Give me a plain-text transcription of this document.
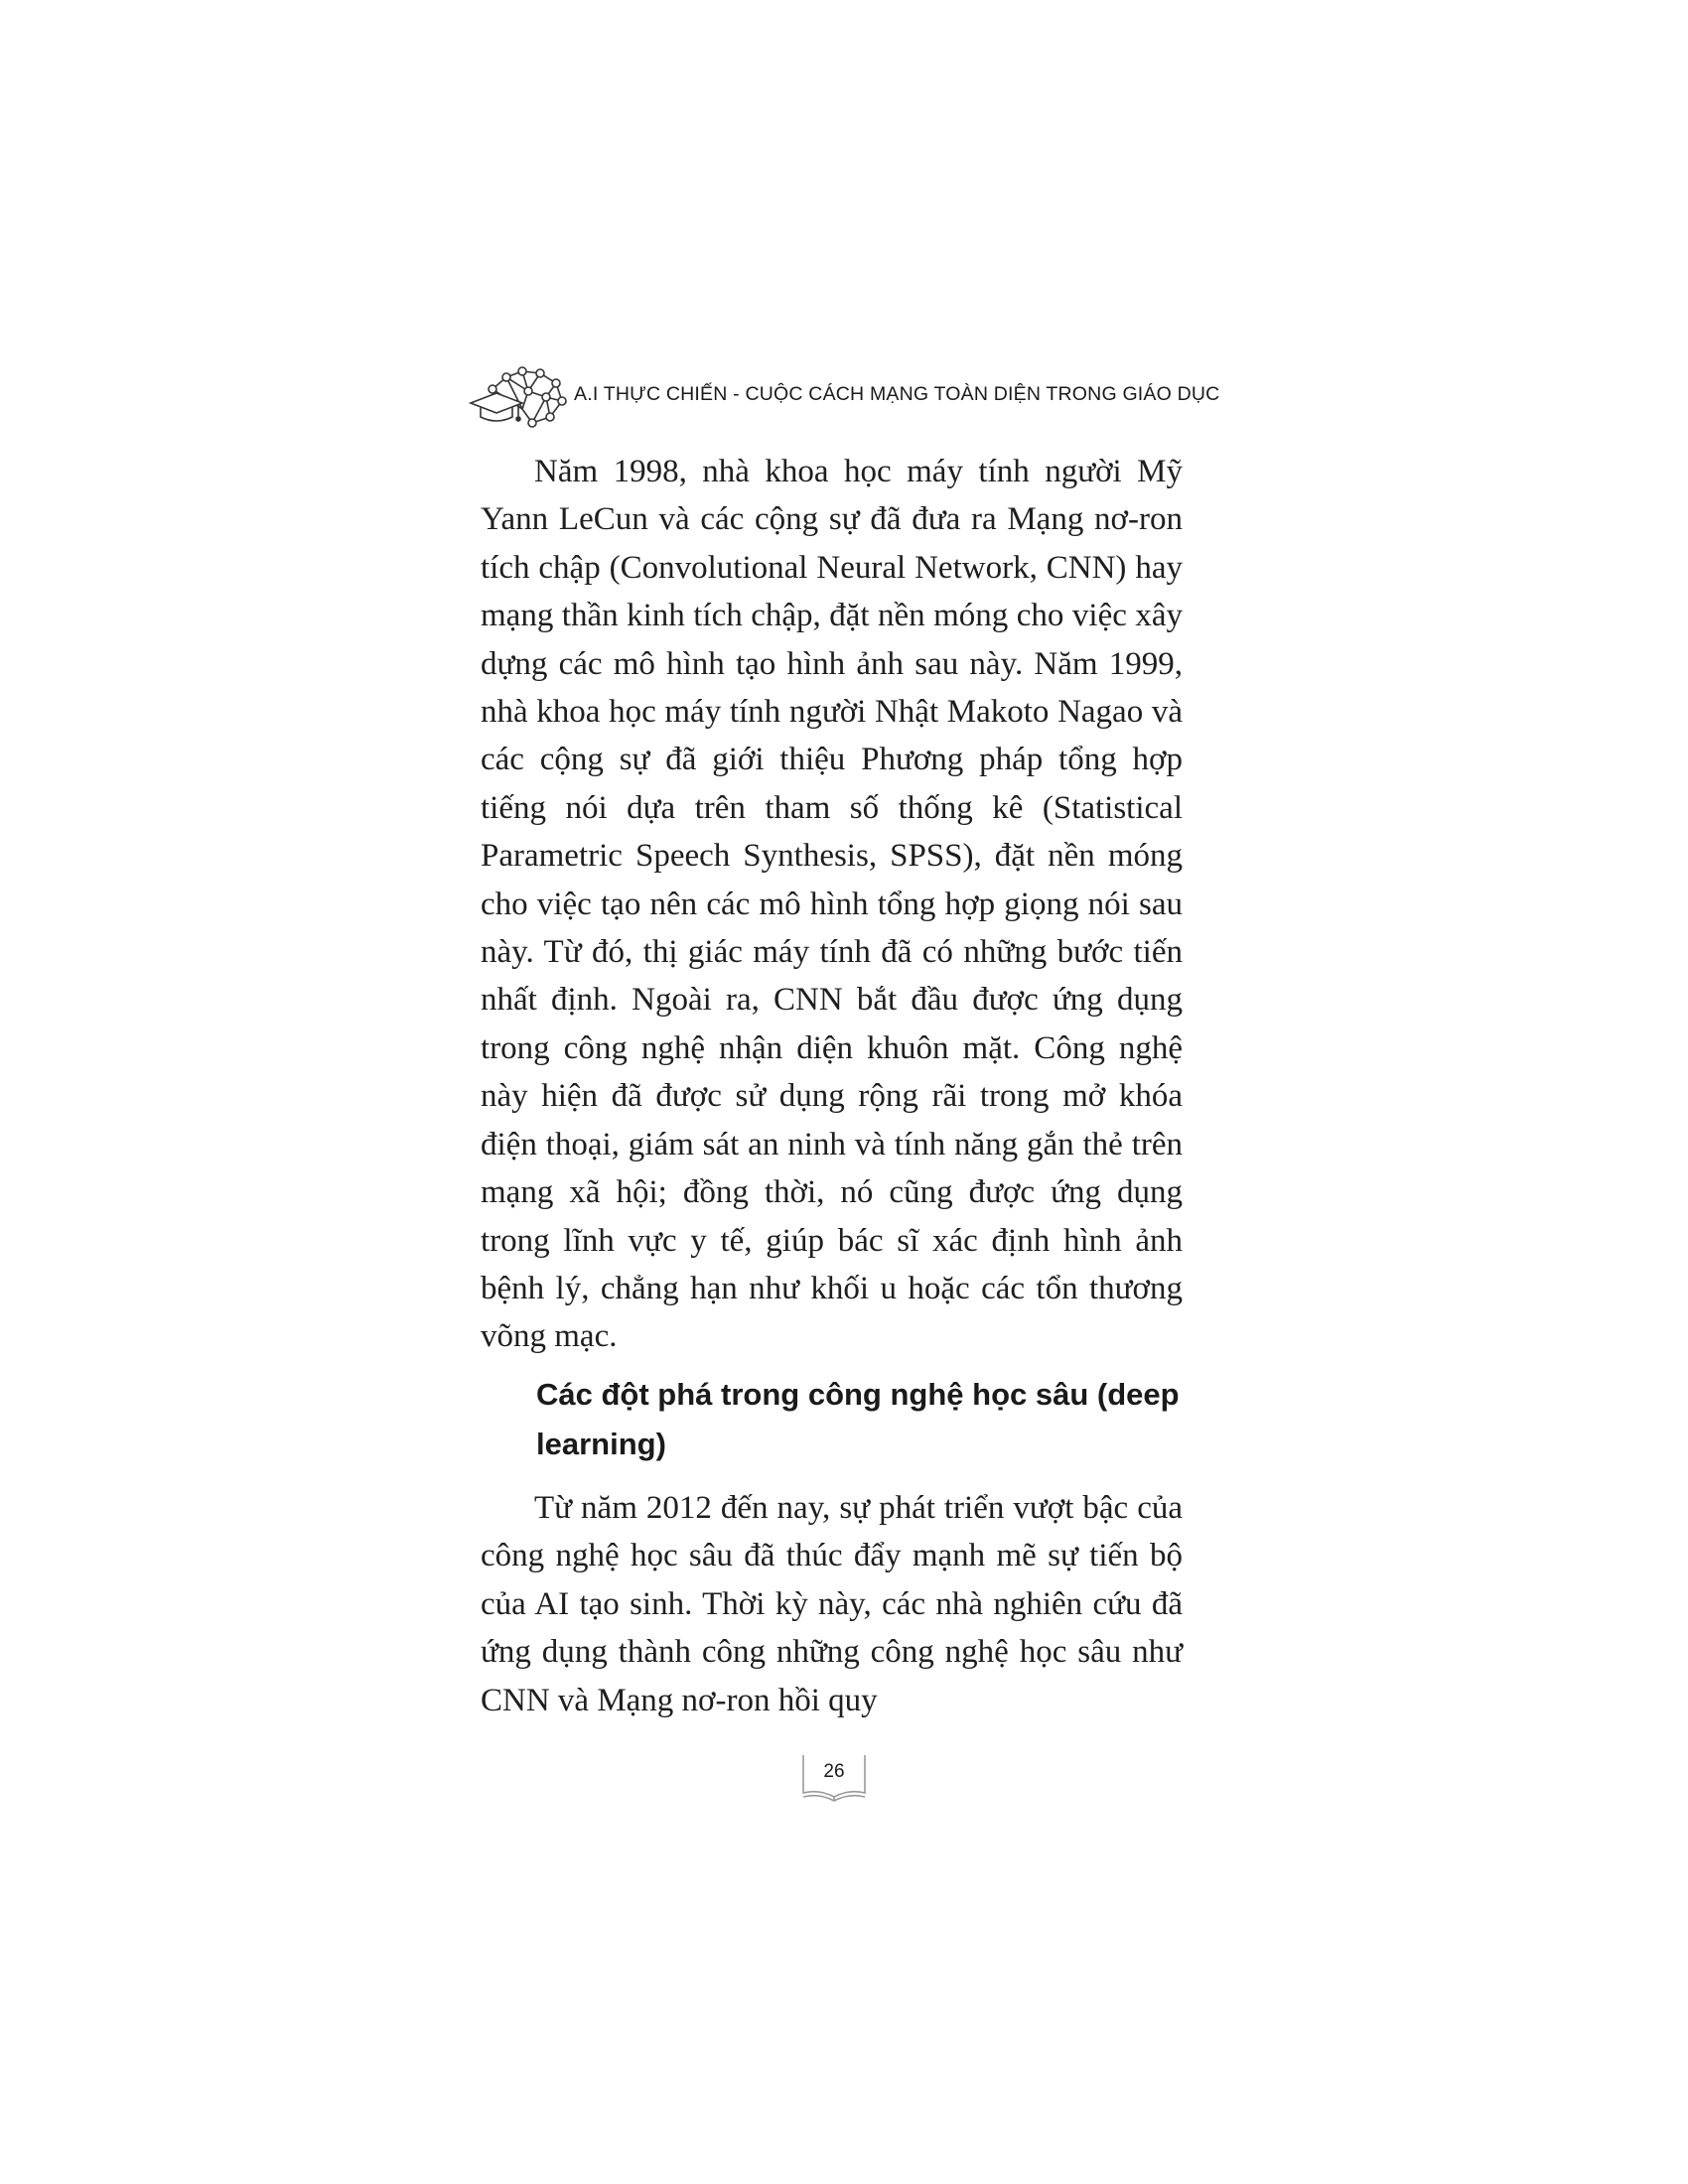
A.I THỰC CHIẾN - CUỘC CÁCH MẠNG TOÀN DIỆN TRONG GIÁO DỤC

Năm 1998, nhà khoa học máy tính người Mỹ Yann LeCun và các cộng sự đã đưa ra Mạng nơ-ron tích chập (Convolutional Neural Network, CNN) hay mạng thần kinh tích chập, đặt nền móng cho việc xây dựng các mô hình tạo hình ảnh sau này. Năm 1999, nhà khoa học máy tính người Nhật Makoto Nagao và các cộng sự đã giới thiệu Phương pháp tổng hợp tiếng nói dựa trên tham số thống kê (Statistical Parametric Speech Synthesis, SPSS), đặt nền móng cho việc tạo nên các mô hình tổng hợp giọng nói sau này. Từ đó, thị giác máy tính đã có những bước tiến nhất định. Ngoài ra, CNN bắt đầu được ứng dụng trong công nghệ nhận diện khuôn mặt. Công nghệ này hiện đã được sử dụng rộng rãi trong mở khóa điện thoại, giám sát an ninh và tính năng gắn thẻ trên mạng xã hội; đồng thời, nó cũng được ứng dụng trong lĩnh vực y tế, giúp bác sĩ xác định hình ảnh bệnh lý, chẳng hạn như khối u hoặc các tổn thương võng mạc.

Các đột phá trong công nghệ học sâu (deep learning)

Từ năm 2012 đến nay, sự phát triển vượt bậc của công nghệ học sâu đã thúc đẩy mạnh mẽ sự tiến bộ của AI tạo sinh. Thời kỳ này, các nhà nghiên cứu đã ứng dụng thành công những công nghệ học sâu như CNN và Mạng nơ-ron hồi quy

26
